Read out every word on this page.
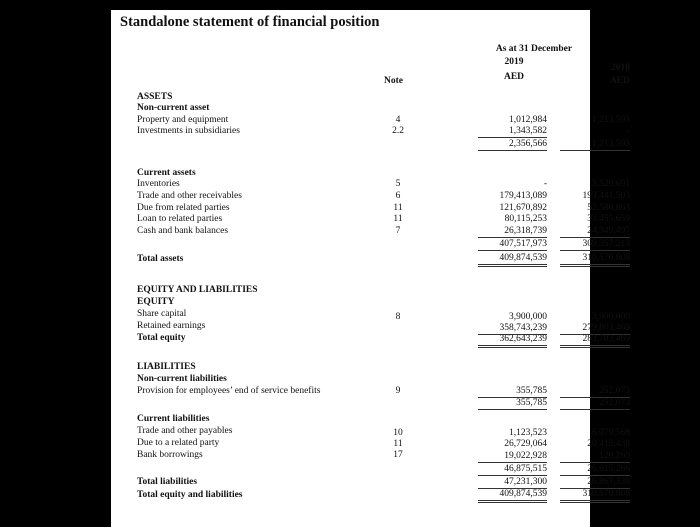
Standalone statement of financial position
As at 31 December
2019
2018
AED	AED
Note
ASSETS
Non-current asset
Property and equipment	4	1,012,984	1,213,595
Investments in subsidiaries	2.2	1,343,582	-
2,356,566	1,213,595
Current assets
Inventories	5	-	5,529,691
Trade and other receivables	6	179,413,089	193,441,503
Due from related parties	11	121,670,892	52,580,863
Loan to related parties	11	80,115,253	33,455,659
Cash and bank balances	7	26,318,739	24,349,497
407,517,973	309,357,213
Total assets	409,874,539	310,570,808
EQUITY AND LIABILITIES
EQUITY
Share capital	8	3,900,000	3,900,000
Retained earnings	358,743,239	279,803,469
Total equity	362,643,239	283,703,469
LIABILITIES
Non-current liabilities
Provision for employees’ end of service benefits	9	355,785	252,073
355,785	252,073
Current liabilities
Trade and other payables	10	1,123,523	6,079,568
Due to a related party	11	26,729,064	20,415,438
Bank borrowings	17	19,022,928	120,260
46,875,515	26,615,266
Total liabilities	47,231,300	26,867,339
Total equity and liabilities	409,874,539	310,570,808
